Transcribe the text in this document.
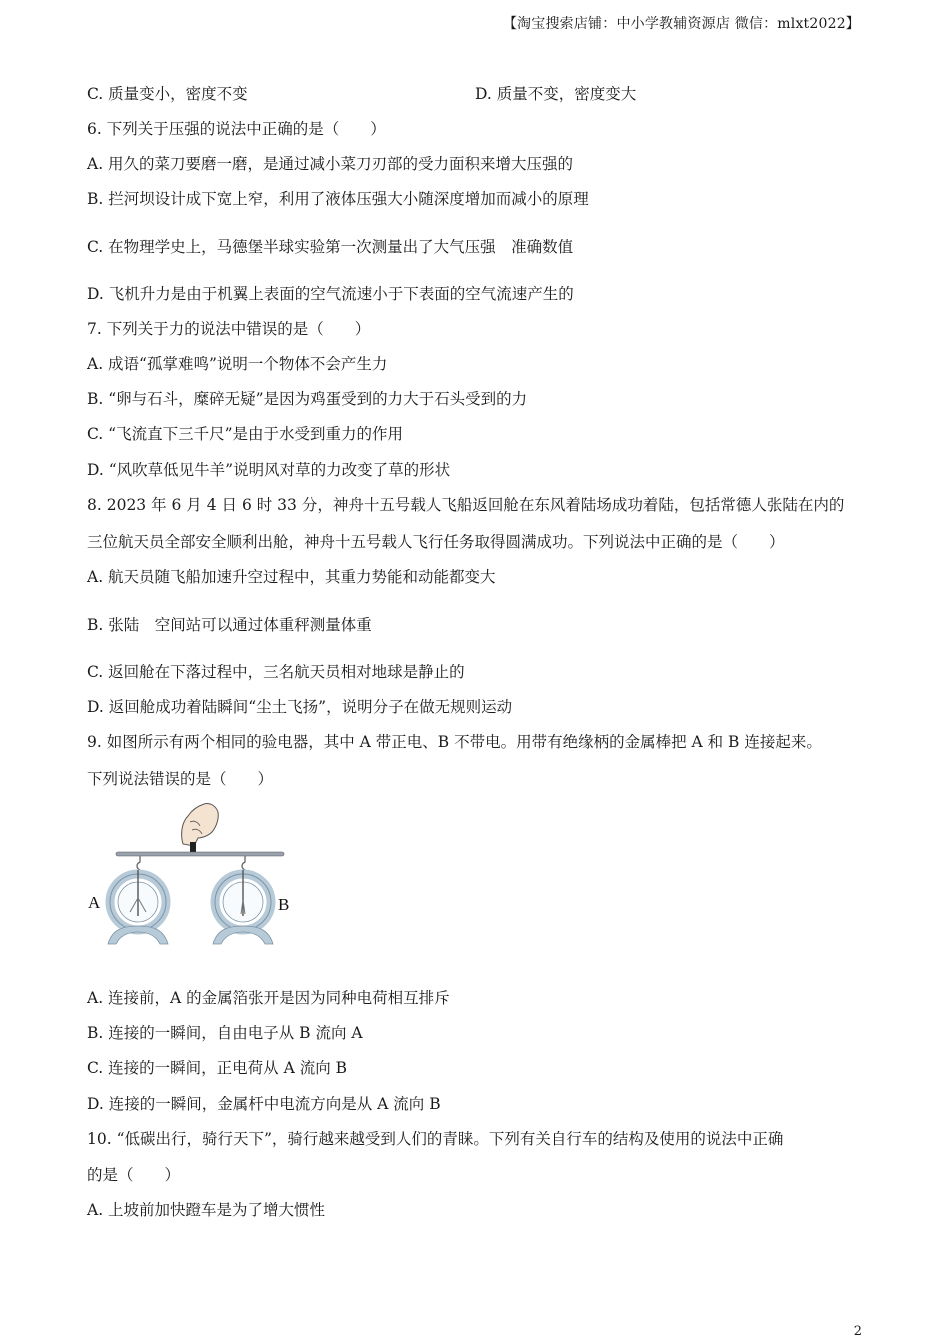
【淘宝搜索店铺：中小学教辅资源店 微信：mlxt2022】
C. 质量变小，密度不变	D. 质量不变，密度变大
6. 下列关于压强的说法中正确的是（　　）
A. 用久的菜刀要磨一磨，是通过减小菜刀刃部的受力面积来增大压强的
B. 拦河坝设计成下宽上窄，利用了液体压强大小随深度增加而减小的原理
C. 在物理学史上，马德堡半球实验第一次测量出了大气压强　准确数值
D. 飞机升力是由于机翼上表面的空气流速小于下表面的空气流速产生的
7. 下列关于力的说法中错误的是（　　）
A. 成语“孤掌难鸣”说明一个物体不会产生力
B. “卵与石斗，糜碎无疑”是因为鸡蛋受到的力大于石头受到的力
C. “飞流直下三千尺”是由于水受到重力的作用
D. “风吹草低见牛羊”说明风对草的力改变了草的形状
8. 2023 年 6 月 4 日 6 时 33 分，神舟十五号载人飞船返回舱在东风着陆场成功着陆，包括常德人张陆在内的
三位航天员全部安全顺利出舱，神舟十五号载人飞行任务取得圆满成功。下列说法中正确的是（　　）
A. 航天员随飞船加速升空过程中，其重力势能和动能都变大
B. 张陆　空间站可以通过体重秤测量体重
C. 返回舱在下落过程中，三名航天员相对地球是静止的
D. 返回舱成功着陆瞬间“尘土飞扬”，说明分子在做无规则运动
9. 如图所示有两个相同的验电器，其中 A 带正电、B 不带电。用带有绝缘柄的金属棒把 A 和 B 连接起来。
下列说法错误的是（　　）
A	B
A. 连接前，A 的金属箔张开是因为同种电荷相互排斥
B. 连接的一瞬间，自由电子从 B 流向 A
C. 连接的一瞬间，正电荷从 A 流向 B
D. 连接的一瞬间，金属杆中电流方向是从 A 流向 B
10. “低碳出行，骑行天下”，骑行越来越受到人们的青睐。下列有关自行车的结构及使用的说法中正确
的是（　　）
A. 上坡前加快蹬车是为了增大惯性
2
